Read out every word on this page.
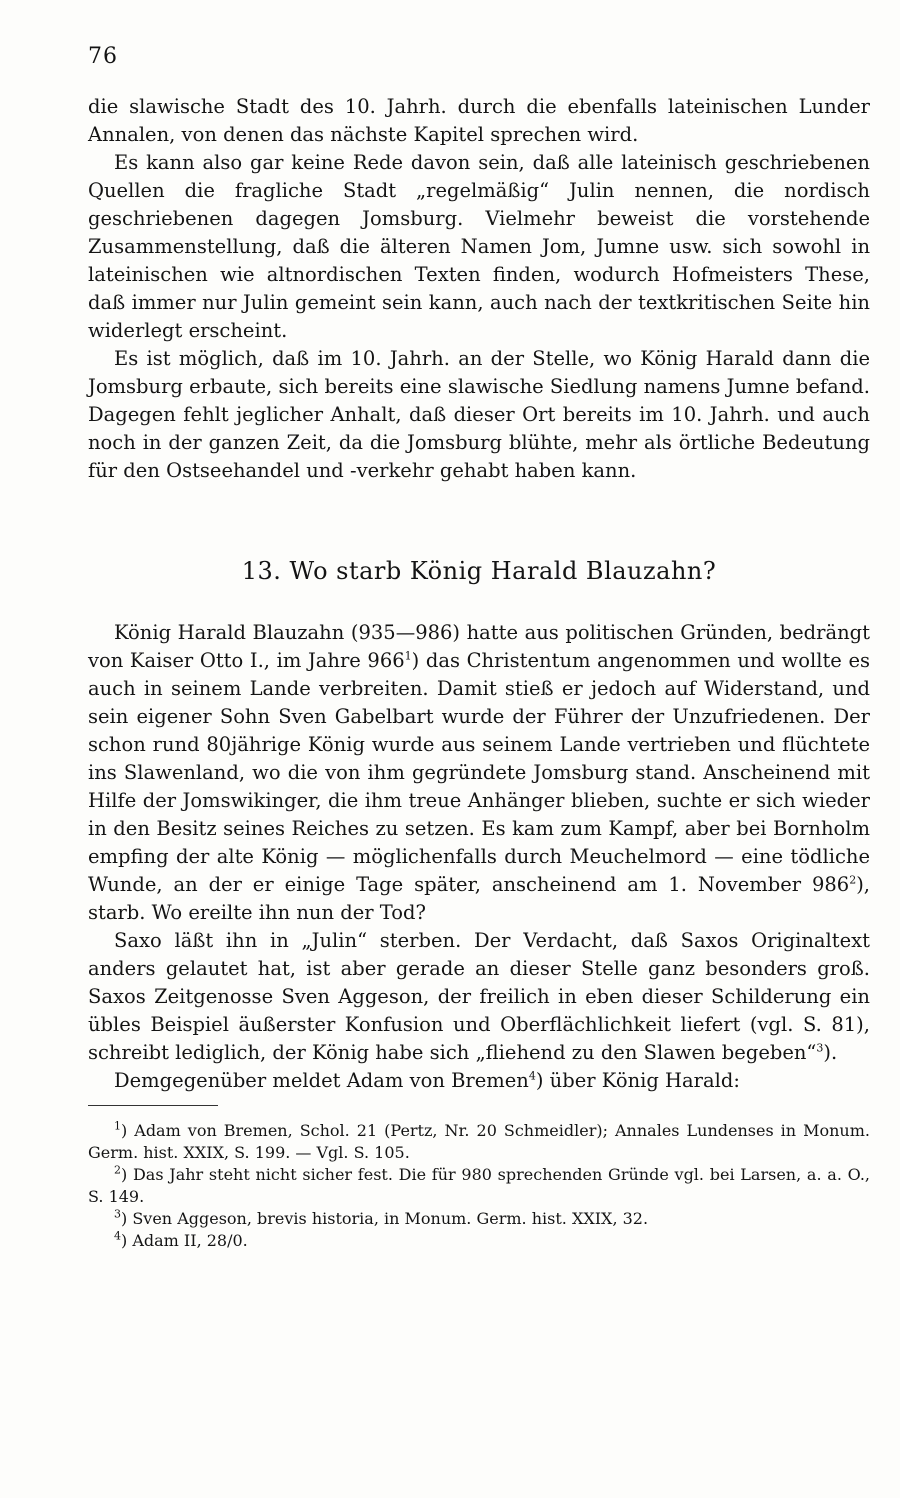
76

die slawische Stadt des 10. Jahrh. durch die ebenfalls lateinischen Lunder Annalen, von denen das nächste Kapitel sprechen wird.

Es kann also gar keine Rede davon sein, daß alle lateinisch geschriebenen Quellen die fragliche Stadt „regelmäßig“ Julin nennen, die nordisch geschriebenen dagegen Jomsburg. Vielmehr beweist die vorstehende Zusammenstellung, daß die älteren Namen Jom, Jumne usw. sich sowohl in lateinischen wie altnordischen Texten finden, wodurch Hofmeisters These, daß immer nur Julin gemeint sein kann, auch nach der textkritischen Seite hin widerlegt erscheint.

Es ist möglich, daß im 10. Jahrh. an der Stelle, wo König Harald dann die Jomsburg erbaute, sich bereits eine slawische Siedlung namens Jumne befand. Dagegen fehlt jeglicher Anhalt, daß dieser Ort bereits im 10. Jahrh. und auch noch in der ganzen Zeit, da die Jomsburg blühte, mehr als örtliche Bedeutung für den Ostseehandel und -verkehr gehabt haben kann.

13. Wo starb König Harald Blauzahn?

König Harald Blauzahn (935—986) hatte aus politischen Gründen, bedrängt von Kaiser Otto I., im Jahre $966^1$) das Christentum angenommen und wollte es auch in seinem Lande verbreiten. Damit stieß er jedoch auf Widerstand, und sein eigener Sohn Sven Gabelbart wurde der Führer der Unzufriedenen. Der schon rund 80jährige König wurde aus seinem Lande vertrieben und flüchtete ins Slawenland, wo die von ihm gegründete Jomsburg stand. Anscheinend mit Hilfe der Jomswikinger, die ihm treue Anhänger blieben, suchte er sich wieder in den Besitz seines Reiches zu setzen. Es kam zum Kampf, aber bei Bornholm empfing der alte König — möglichenfalls durch Meuchelmord — eine tödliche Wunde, an der er einige Tage später, anscheinend am 1. November $986^2$), starb. Wo ereilte ihn nun der Tod?

Saxo läßt ihn in „Julin“ sterben. Der Verdacht, daß Saxos Originaltext anders gelautet hat, ist aber gerade an dieser Stelle ganz besonders groß. Saxos Zeitgenosse Sven Aggeson, der freilich in eben dieser Schilderung ein übles Beispiel äußerster Konfusion und Oberflächlichkeit liefert (vgl. S. 81), schreibt lediglich, der König habe sich „fliehend zu den Slawen begeben“$^3$).

Demgegenüber meldet Adam von Bremen$^4$) über König Harald:

$^1$) Adam von Bremen, Schol. 21 (Pertz, Nr. 20 Schmeidler); Annales Lundenses in Monum. Germ. hist. XXIX, S. 199. — Vgl. S. 105.

$^2$) Das Jahr steht nicht sicher fest. Die für 980 sprechenden Gründe vgl. bei Larsen, a. a. O., S. 149.

$^3$) Sven Aggeson, brevis historia, in Monum. Germ. hist. XXIX, 32.

$^4$) Adam II, 28/0.
